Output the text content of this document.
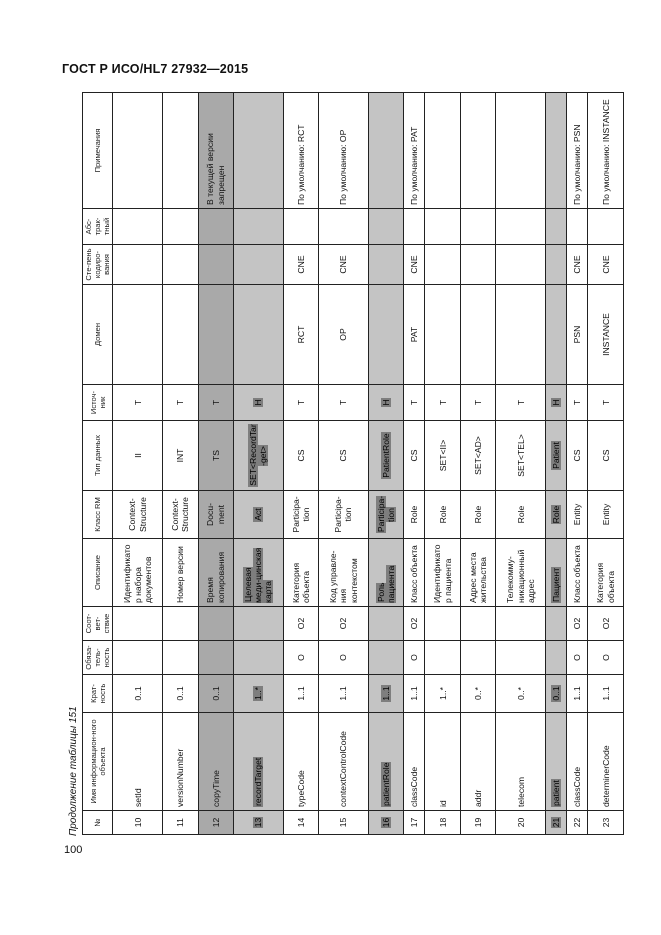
ГОСТ Р ИСО/HL7 27932—2015
Продолжение таблицы 151
100
№	Имя информацион-ного объекта	Крат-ность	Обяза-тель-ность	Соот-вет-ствие	Описание	Класс RM	Тип данных	Источ-ник	Домен	Сте-пень кодиро-вания	Абс-трак-тный	Примечания
10	setId	0..1			Идентификатор набора документов	Context-Structure	II	T				
11	versionNumber	0..1			Номер версии	Context-Structure	INT	T				
12	copyTime	0..1			Время копирования	Docu-ment	TS	T				В текущей версии запрещен
13	recordTarget	1..*			Целевая меди-цинская карта	Act	SET<RecordTar-get>	H				
14	typeCode	1..1	O	O2	Категория объекта	Participa-tion	CS	T	RCT	CNE		По умолчанию: RCT
15	contextControlCode	1..1	O	O2	Код управле-ния контекстом	Participa-tion	CS	T	OP	CNE		По умолчанию: OP
16	patientRole	1..1			Роль пациента	Participa-tion	PatientRole	H				
17	classCode	1..1	O	O2	Класс объекта	Role	CS	T	PAT	CNE		По умолчанию: PAT
18	id	1..*			Идентификатор пациента	Role	SET<II>	T				
19	addr	0..*			Адрес места жительства	Role	SET<AD>	T				
20	telecom	0..*			Телекомму-никационный адрес	Role	SET<TEL>	T				
21	patient	0..1			Пациент	Role	Patient	H				
22	classCode	1..1	O	O2	Класс объекта	Entity	CS	T	PSN	CNE		По умолчанию: PSN
23	determinerCode	1..1	O	O2	Категория объекта	Entity	CS	T	INSTANCE	CNE		По умолчанию: INSTANCE
